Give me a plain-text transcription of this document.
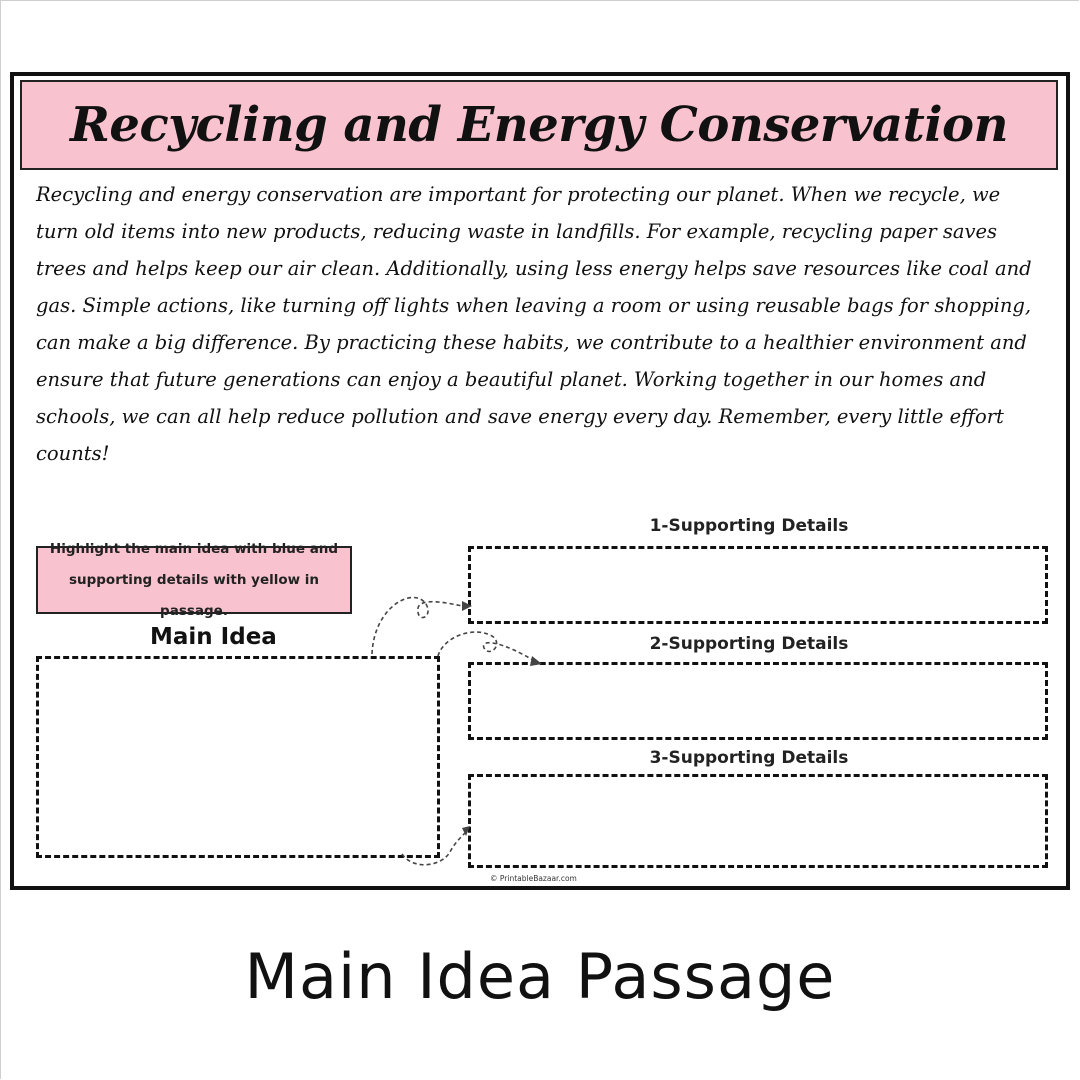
Recycling and Energy Conservation

Recycling and energy conservation are important for protecting our planet. When we recycle, we turn old items into new products, reducing waste in landfills. For example, recycling paper saves trees and helps keep our air clean. Additionally, using less energy helps save resources like coal and gas. Simple actions, like turning off lights when leaving a room or using reusable bags for shopping, can make a big difference. By practicing these habits, we contribute to a healthier environment and ensure that future generations can enjoy a beautiful planet. Working together in our homes and schools, we can all help reduce pollution and save energy every day. Remember, every little effort counts!

Highlight the main idea with blue and supporting details with yellow in passage.
Main Idea
1-Supporting Details
2-Supporting Details
3-Supporting Details
© PrintableBazaar.com
Main Idea Passage
